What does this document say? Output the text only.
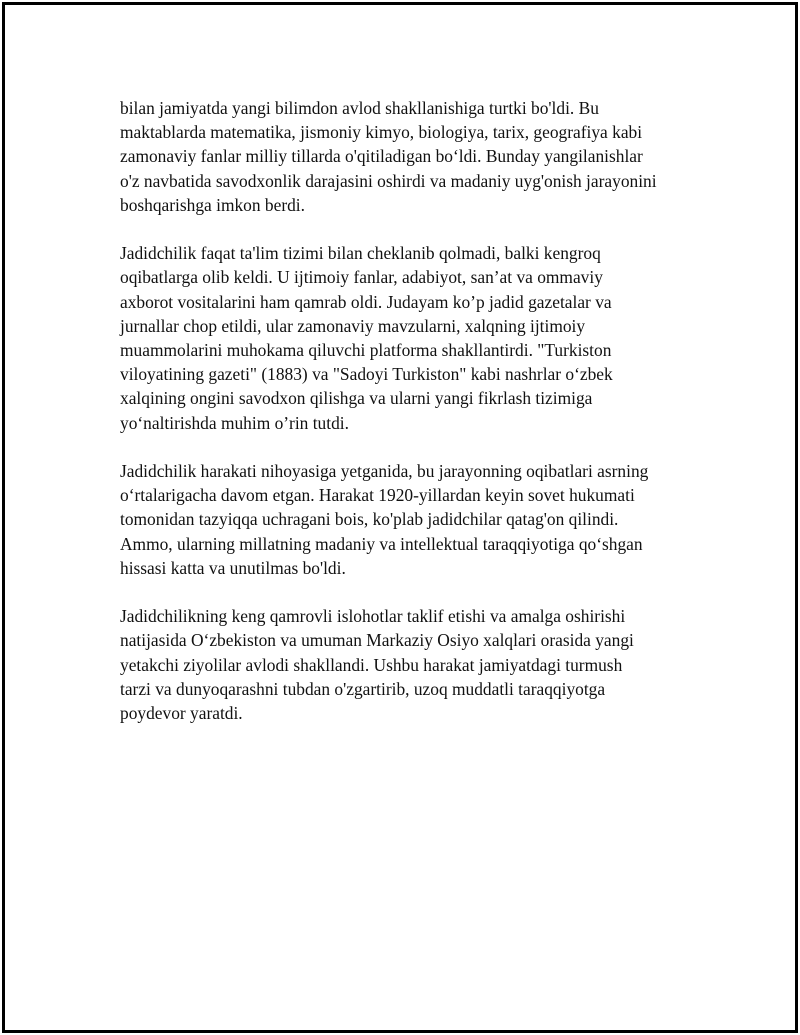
bilan jamiyatda yangi bilimdon avlod shakllanishiga turtki bo'ldi. Bu
maktablarda matematika, jismoniy kimyo, biologiya, tarix, geografiya kabi
zamonaviy fanlar milliy tillarda o'qitiladigan bo‘ldi. Bunday yangilanishlar
o'z navbatida savodxonlik darajasini oshirdi va madaniy uyg'onish jarayonini
boshqarishga imkon berdi.

Jadidchilik faqat ta'lim tizimi bilan cheklanib qolmadi, balki kengroq
oqibatlarga olib keldi. U ijtimoiy fanlar, adabiyot, san’at va ommaviy
axborot vositalarini ham qamrab oldi. Judayam ko’p jadid gazetalar va
jurnallar chop etildi, ular zamonaviy mavzularni, xalqning ijtimoiy
muammolarini muhokama qiluvchi platforma shakllantirdi. "Turkiston
viloyatining gazeti" (1883) va "Sadoyi Turkiston" kabi nashrlar o‘zbek
xalqining ongini savodxon qilishga va ularni yangi fikrlash tizimiga
yo‘naltirishda muhim o’rin tutdi.

Jadidchilik harakati nihoyasiga yetganida, bu jarayonning oqibatlari asrning
o‘rtalarigacha davom etgan. Harakat 1920-yillardan keyin sovet hukumati
tomonidan tazyiqqa uchragani bois, ko'plab jadidchilar qatag'on qilindi.
Ammo, ularning millatning madaniy va intellektual taraqqiyotiga qo‘shgan
hissasi katta va unutilmas bo'ldi.

Jadidchilikning keng qamrovli islohotlar taklif etishi va amalga oshirishi
natijasida O‘zbekiston va umuman Markaziy Osiyo xalqlari orasida yangi
yetakchi ziyolilar avlodi shakllandi. Ushbu harakat jamiyatdagi turmush
tarzi va dunyoqarashni tubdan o'zgartirib, uzoq muddatli taraqqiyotga
poydevor yaratdi.
